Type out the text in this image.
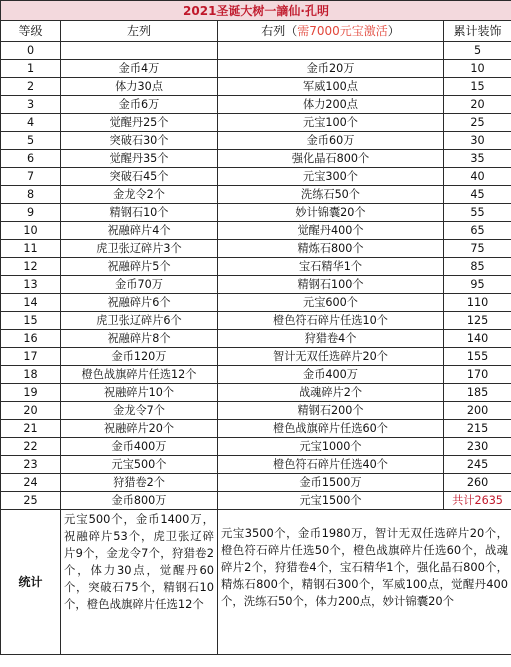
2021圣诞大树一謫仙·孔明			
等级	左列	右列（需7000元宝激活）	累计装饰
0			5
1	金币4万	金币20万	10
2	体力30点	军威100点	15
3	金币6万	体力200点	20
4	觉醒丹25个	元宝100个	25
5	突破石30个	金币60万	30
6	觉醒丹35个	强化晶石800个	35
7	突破石45个	元宝300个	40
8	金龙令2个	洗练石50个	45
9	精钢石10个	妙计锦囊20个	55
10	祝融碎片4个	觉醒丹400个	65
11	虎卫张辽碎片3个	精炼石800个	75
12	祝融碎片5个	宝石精华1个	85
13	金币70万	精钢石100个	95
14	祝融碎片6个	元宝600个	110
15	虎卫张辽碎片6个	橙色符石碎片任选10个	125
16	祝融碎片8个	狩猎卷4个	140
17	金币120万	智计无双任选碎片20个	155
18	橙色战旗碎片任选12个	金币400万	170
19	祝融碎片10个	战魂碎片2个	185
20	金龙令7个	精钢石200个	200
21	祝融碎片20个	橙色战旗碎片任选60个	215
22	金币400万	元宝1000个	230
23	元宝500个	橙色符石碎片任选40个	245
24	狩猎卷2个	金币1500万	260
25	金币800万	元宝1500个	共计2635
统计	元宝500个，金币1400万，祝融碎片53个，虎卫张辽碎片9个，金龙令7个，狩猎卷2个，体力30点，觉醒丹60个，突破石75个，精钢石10个，橙色战旗碎片任选12个	元宝3500个，金币1980万，智计无双任选碎片20个，橙色符石碎片任选50个，橙色战旗碎片任选60个，战魂碎片2个，狩猎卷4个，宝石精华1个，强化晶石800个，精炼石800个，精钢石300个，军威100点，觉醒丹400个，洗练石50个，体力200点，妙计锦囊20个	
